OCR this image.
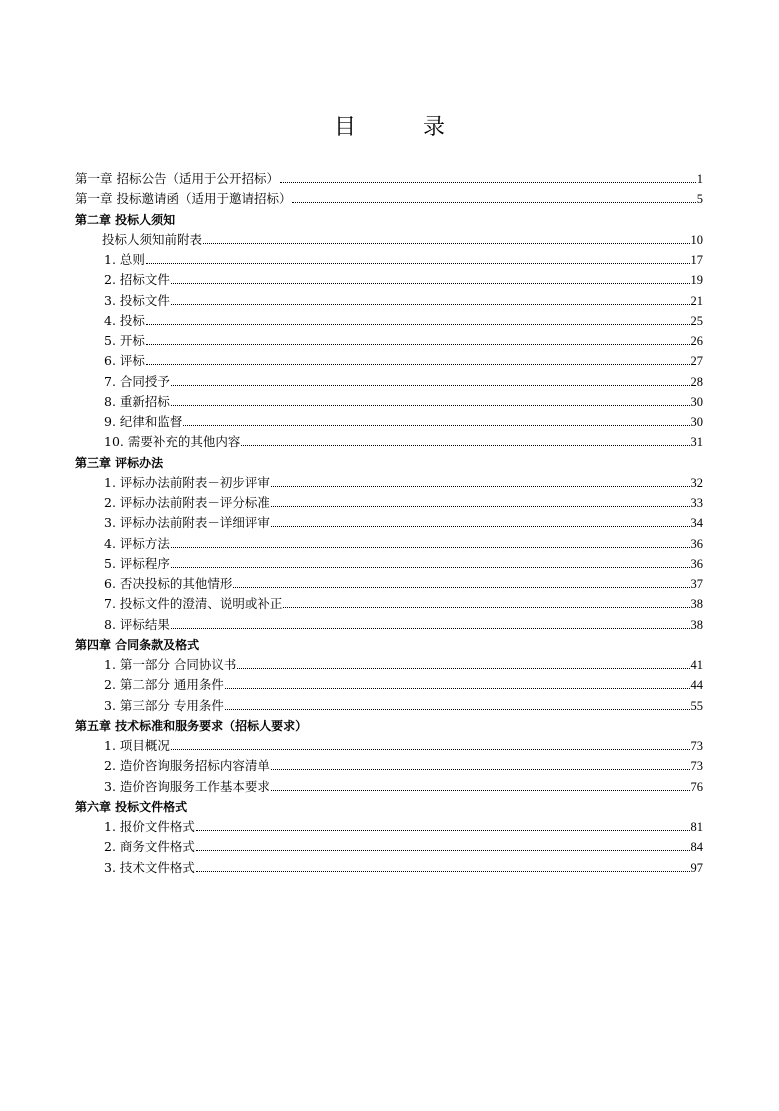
目 录
第一章 招标公告（适用于公开招标）	1
第一章 投标邀请函（适用于邀请招标）	5
第二章 投标人须知
投标人须知前附表	10
1. 总则	17
2. 招标文件	19
3. 投标文件	21
4. 投标	25
5. 开标	26
6. 评标	27
7. 合同授予	28
8. 重新招标	30
9. 纪律和监督	30
10. 需要补充的其他内容	31
第三章 评标办法
1. 评标办法前附表－初步评审	32
2. 评标办法前附表－评分标准	33
3. 评标办法前附表－详细评审	34
4. 评标方法	36
5. 评标程序	36
6. 否决投标的其他情形	37
7. 投标文件的澄清、说明或补正	38
8. 评标结果	38
第四章 合同条款及格式
1. 第一部分 合同协议书	41
2. 第二部分 通用条件	44
3. 第三部分 专用条件	55
第五章 技术标准和服务要求（招标人要求）
1. 项目概况	73
2. 造价咨询服务招标内容清单	73
3. 造价咨询服务工作基本要求	76
第六章 投标文件格式
1. 报价文件格式	81
2. 商务文件格式	84
3. 技术文件格式	97
